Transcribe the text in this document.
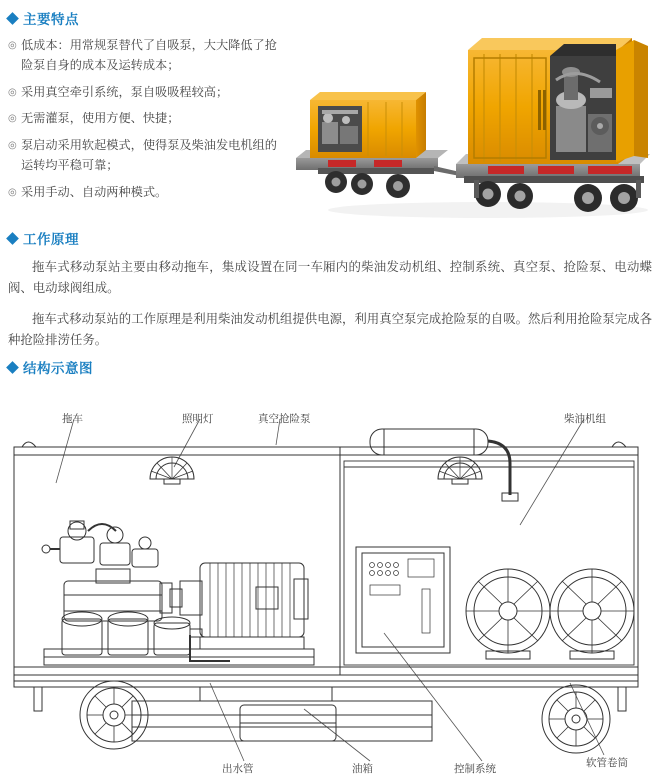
主要特点
◎ 低成本：用常规泵替代了自吸泵，大大降低了抢险泵自身的成本及运转成本；
◎ 采用真空牵引系统，泵自吸吸程较高；
◎ 无需灌泵，使用方便、快捷；
◎ 泵启动采用软起模式，使得泵及柴油发电机组的运转均平稳可靠；
◎ 采用手动、自动两种模式。
工作原理

拖车式移动泵站主要由移动拖车，集成设置在同一车厢内的柴油发动机组、控制系统、真空泵、抢险泵、电动蝶阀、电动球阀组成。

拖车式移动泵站的工作原理是利用柴油发动机组提供电源，利用真空泵完成抢险泵的自吸。然后利用抢险泵完成各种抢险排涝任务。

结构示意图
拖车	照明灯	真空抢险泵	柴油机组
出水管	油箱	控制系统	软管卷筒
